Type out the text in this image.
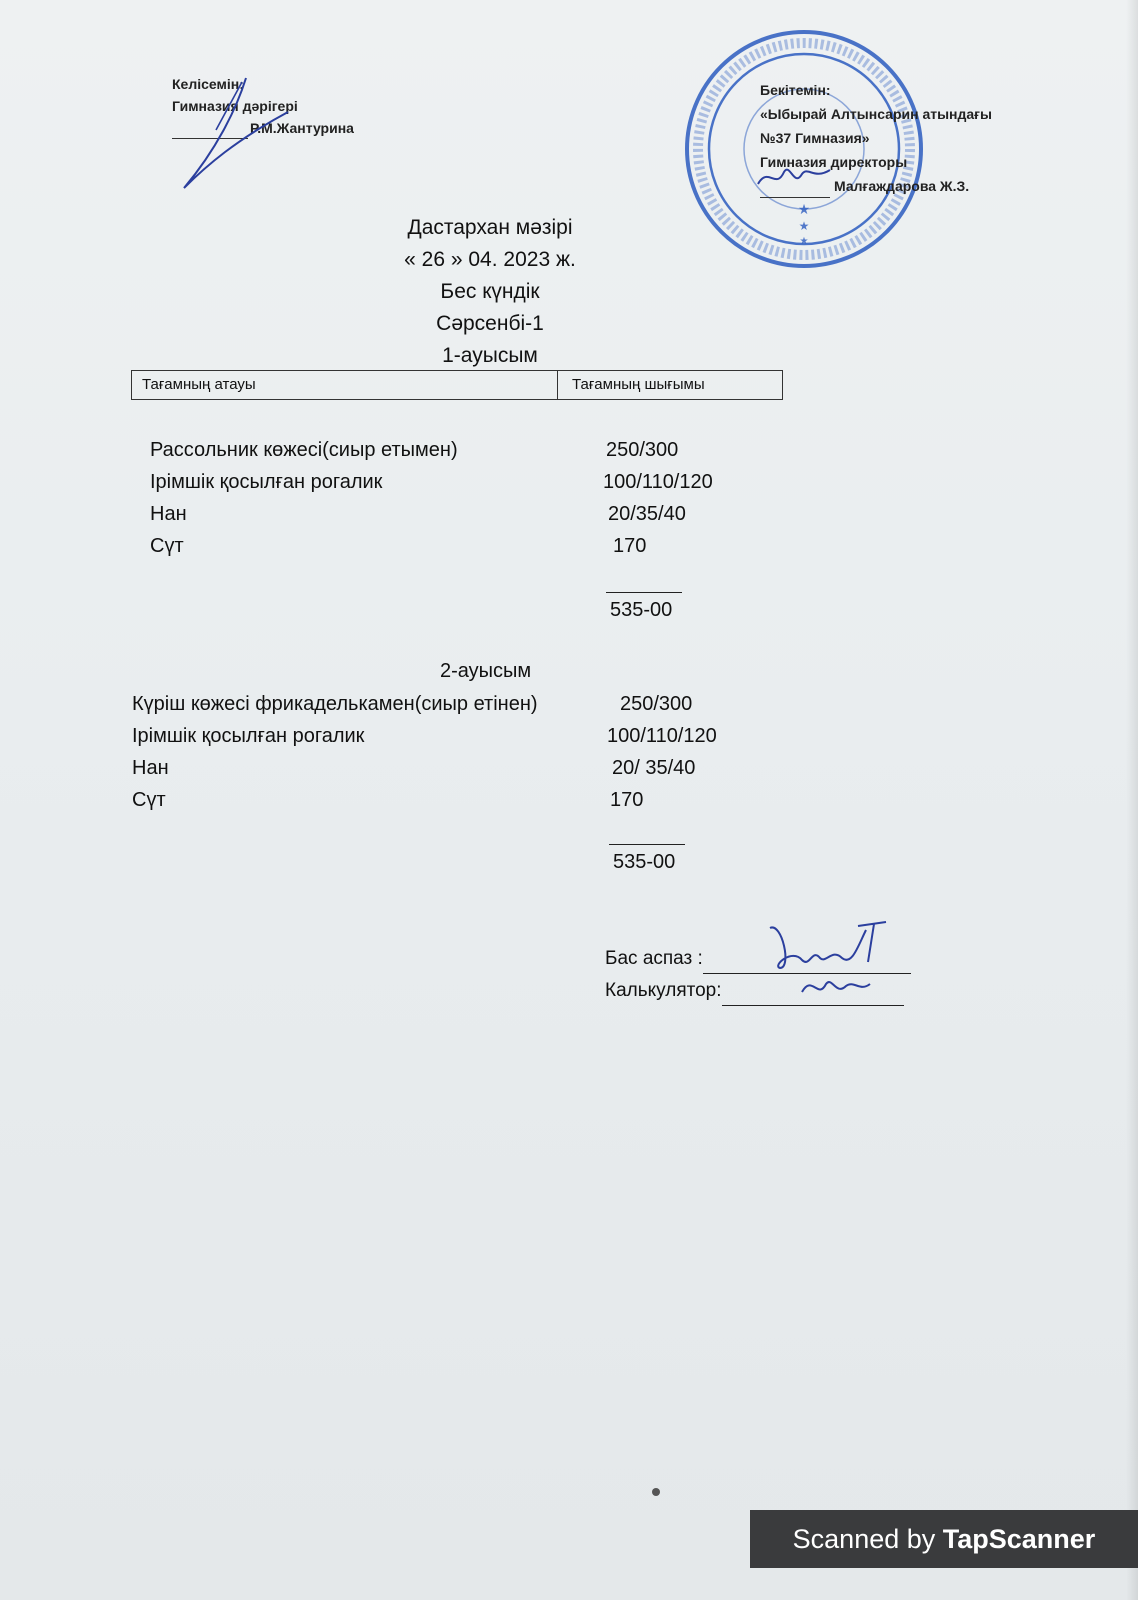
Келісемін:
Гимназия дәрігері
Р.М.Жантурина
★
★
★
Бекітемін:
«Ыбырай Алтынсарин атындағы
№37 Гимназия»
Гимназия директоры
Малғаждарова Ж.З.
Дастархан мәзірі
« 26 » 04. 2023 ж.
Бес күндік
Сәрсенбі-1
1-ауысым
Тағамның атауы	Тағамның шығымы
Рассольник көжесі(сиыр етымен)	250/300
Ірімшік қосылған рогалик	100/110/120
Нан	20/35/40
Сүт	170
535-00
2-ауысым
Күріш көжесі фрикаделькамен(сиыр етінен)	250/300
Ірімшік қосылған рогалик	100/110/120
Нан	20/ 35/40
Сүт	170
535-00
Бас аспаз :
Калькулятор:
Scanned by TapScanner
